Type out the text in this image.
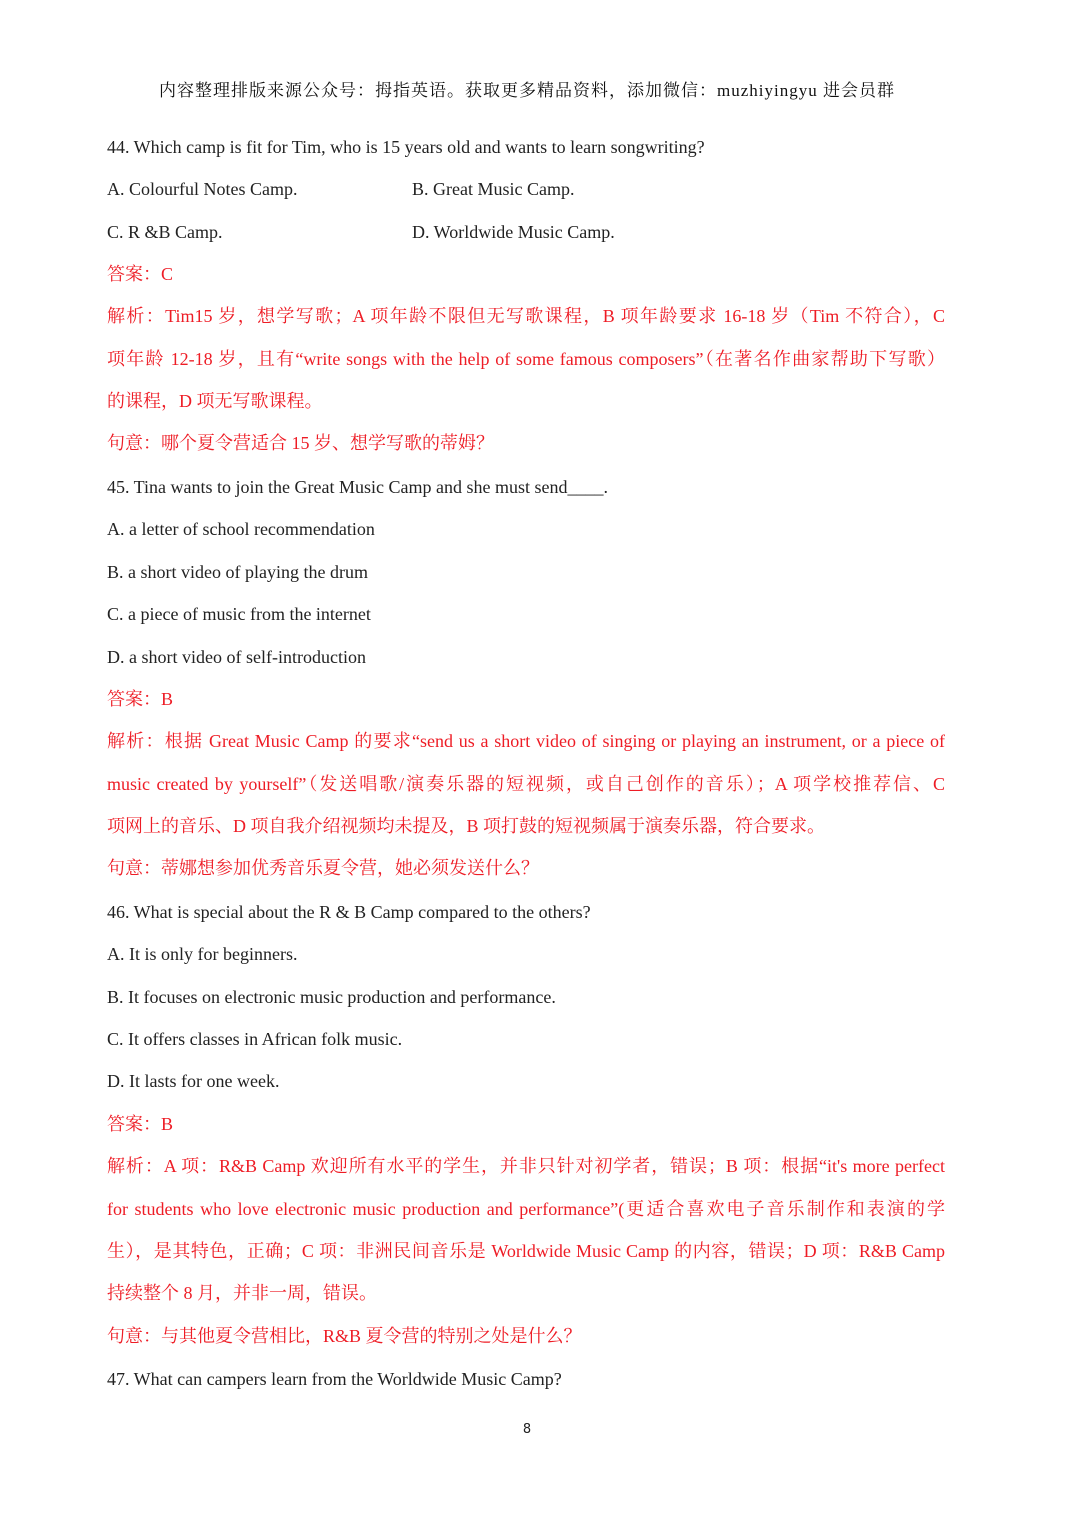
内容整理排版来源公众号：拇指英语。获取更多精品资料，添加微信：muzhiyingyu 进会员群
44. Which camp is fit for Tim, who is 15 years old and wants to learn songwriting?
A. Colourful Notes Camp.	B. Great Music Camp.
C. R &B Camp.	D. Worldwide Music Camp.
答案：C
解析：Tim15 岁，想学写歌；A 项年龄不限但无写歌课程，B 项年龄要求 16-18 岁（Tim 不符合），C
项年龄 12-18 岁，且有“write songs with the help of some famous composers”（在著名作曲家帮助下写歌）
的课程，D 项无写歌课程。
句意：哪个夏令营适合 15 岁、想学写歌的蒂姆？
45. Tina wants to join the Great Music Camp and she must send____.
A. a letter of school recommendation
B. a short video of playing the drum
C. a piece of music from the internet
D. a short video of self-introduction
答案：B
解析：根据 Great Music Camp 的要求“send us a short video of singing or playing an instrument, or a piece of
music created by yourself”（发送唱歌/演奏乐器的短视频，或自己创作的音乐）；A 项学校推荐信、C
项网上的音乐、D 项自我介绍视频均未提及，B 项打鼓的短视频属于演奏乐器，符合要求。
句意：蒂娜想参加优秀音乐夏令营，她必须发送什么？
46. What is special about the R & B Camp compared to the others?
A. It is only for beginners.
B. It focuses on electronic music production and performance.
C. It offers classes in African folk music.
D. It lasts for one week.
答案：B
解析：A 项：R&B Camp 欢迎所有水平的学生，并非只针对初学者，错误；B 项：根据“it's more perfect
for students who love electronic music production and performance”(更适合喜欢电子音乐制作和表演的学
生），是其特色，正确；C 项：非洲民间音乐是 Worldwide Music Camp 的内容，错误；D 项：R&B Camp
持续整个 8 月，并非一周，错误。
句意：与其他夏令营相比，R&B 夏令营的特别之处是什么？
47. What can campers learn from the Worldwide Music Camp?
8
